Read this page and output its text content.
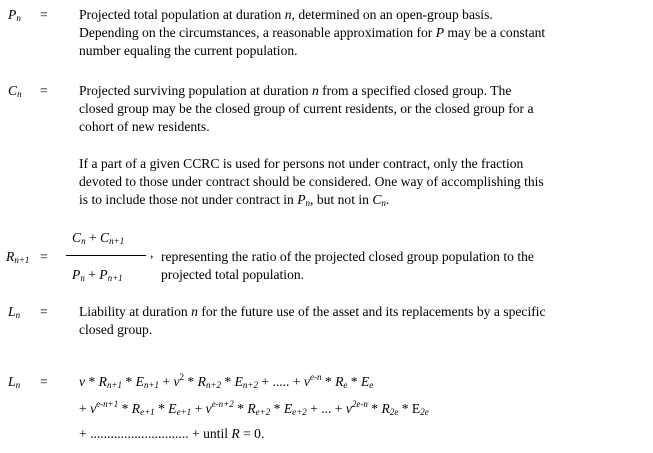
$P_n$ = Projected total population at duration n, determined on an open-group basis.
Depending on the circumstances, a reasonable approximation for P may be a constant
number equaling the current population.
$C_n$ = Projected surviving population at duration n from a specified closed group. The
closed group may be the closed group of current residents, or the closed group for a
cohort of new residents.
If a part of a given CCRC is used for persons not under contract, only the fraction
devoted to those under contract should be considered. One way of accomplishing this
is to include those not under contract in $P_n$, but not in $C_n$.
$R_{n+1}$ =
$C_n + C_{n+1}$
$P_n + P_{n+1}$
, representing the ratio of the projected closed group population to the
projected total population.
$L_n$ = Liability at duration n for the future use of the asset and its replacements by a specific
closed group.
$L_n = v * R_{n+1} * E_{n+1} + v^2 * R_{n+2} * E_{n+2}$ + ..... + $v^{e-n} * R_e * E_e$
+ $v^{e-n+1} * R_{e+1} * E_{e+1} + v^{e-n+2} * R_{e+2} * E_{e+2}$ + ... + $v^{2e-n} * R_{2e} * E_{2e}$
+ ............................. + until R = 0.
